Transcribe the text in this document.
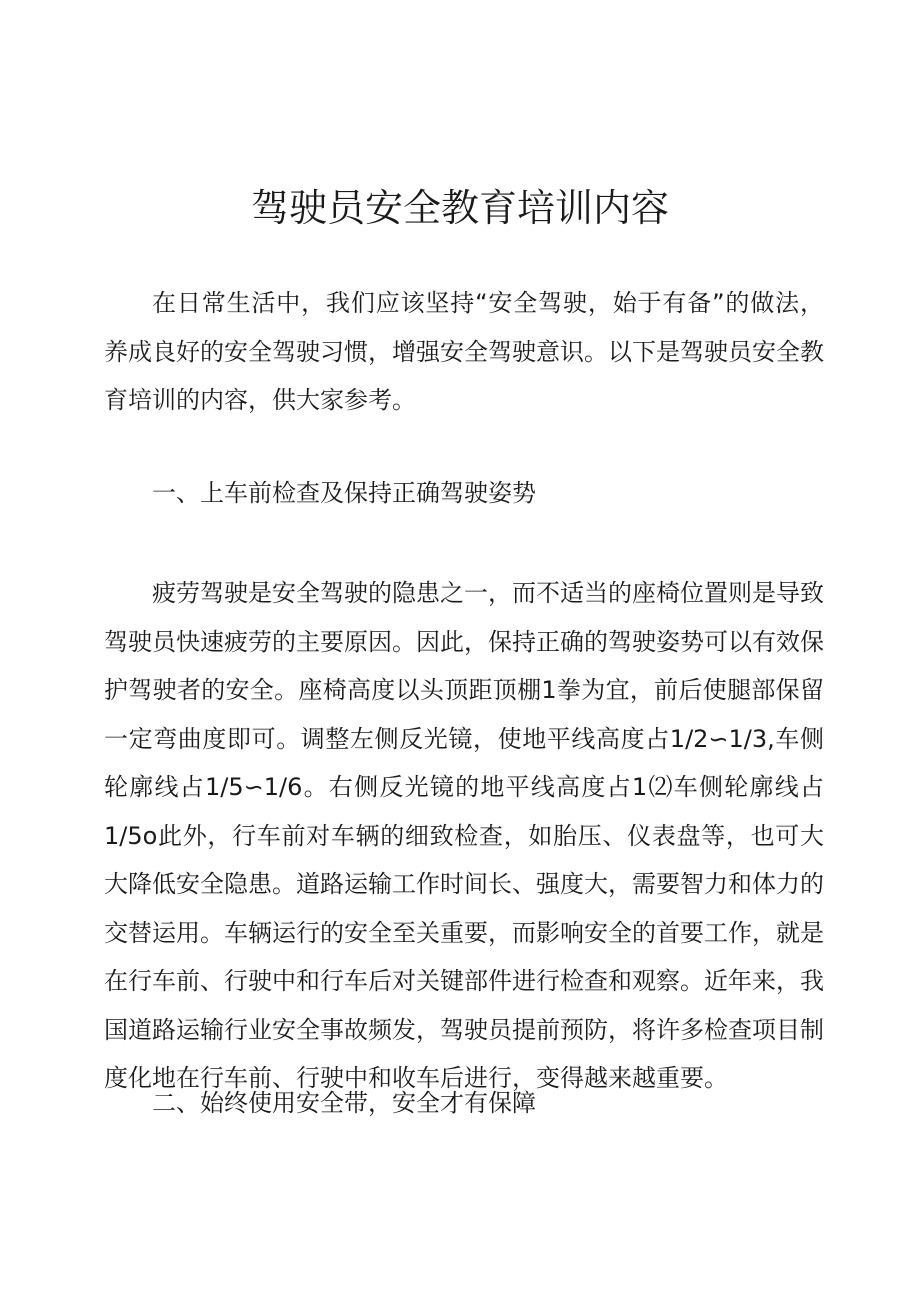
驾驶员安全教育培训内容

在日常生活中，我们应该坚持“安全驾驶，始于有备”的做法，养成良好的安全驾驶习惯，增强安全驾驶意识。以下是驾驶员安全教育培训的内容，供大家参考。

一、上车前检查及保持正确驾驶姿势

疲劳驾驶是安全驾驶的隐患之一，而不适当的座椅位置则是导致驾驶员快速疲劳的主要原因。因此，保持正确的驾驶姿势可以有效保护驾驶者的安全。座椅高度以头顶距顶棚1拳为宜，前后使腿部保留一定弯曲度即可。调整左侧反光镜，使地平线高度占1/2∽1/3,车侧轮廓线占1/5∽1/6。右侧反光镜的地平线高度占1⑵车侧轮廓线占1/5o此外，行车前对车辆的细致检查，如胎压、仪表盘等，也可大大降低安全隐患。道路运输工作时间长、强度大，需要智力和体力的交替运用。车辆运行的安全至关重要，而影响安全的首要工作，就是在行车前、行驶中和行车后对关键部件进行检查和观察。近年来，我国道路运输行业安全事故频发，驾驶员提前预防，将许多检查项目制度化地在行车前、行驶中和收车后进行，变得越来越重要。

二、始终使用安全带，安全才有保障
